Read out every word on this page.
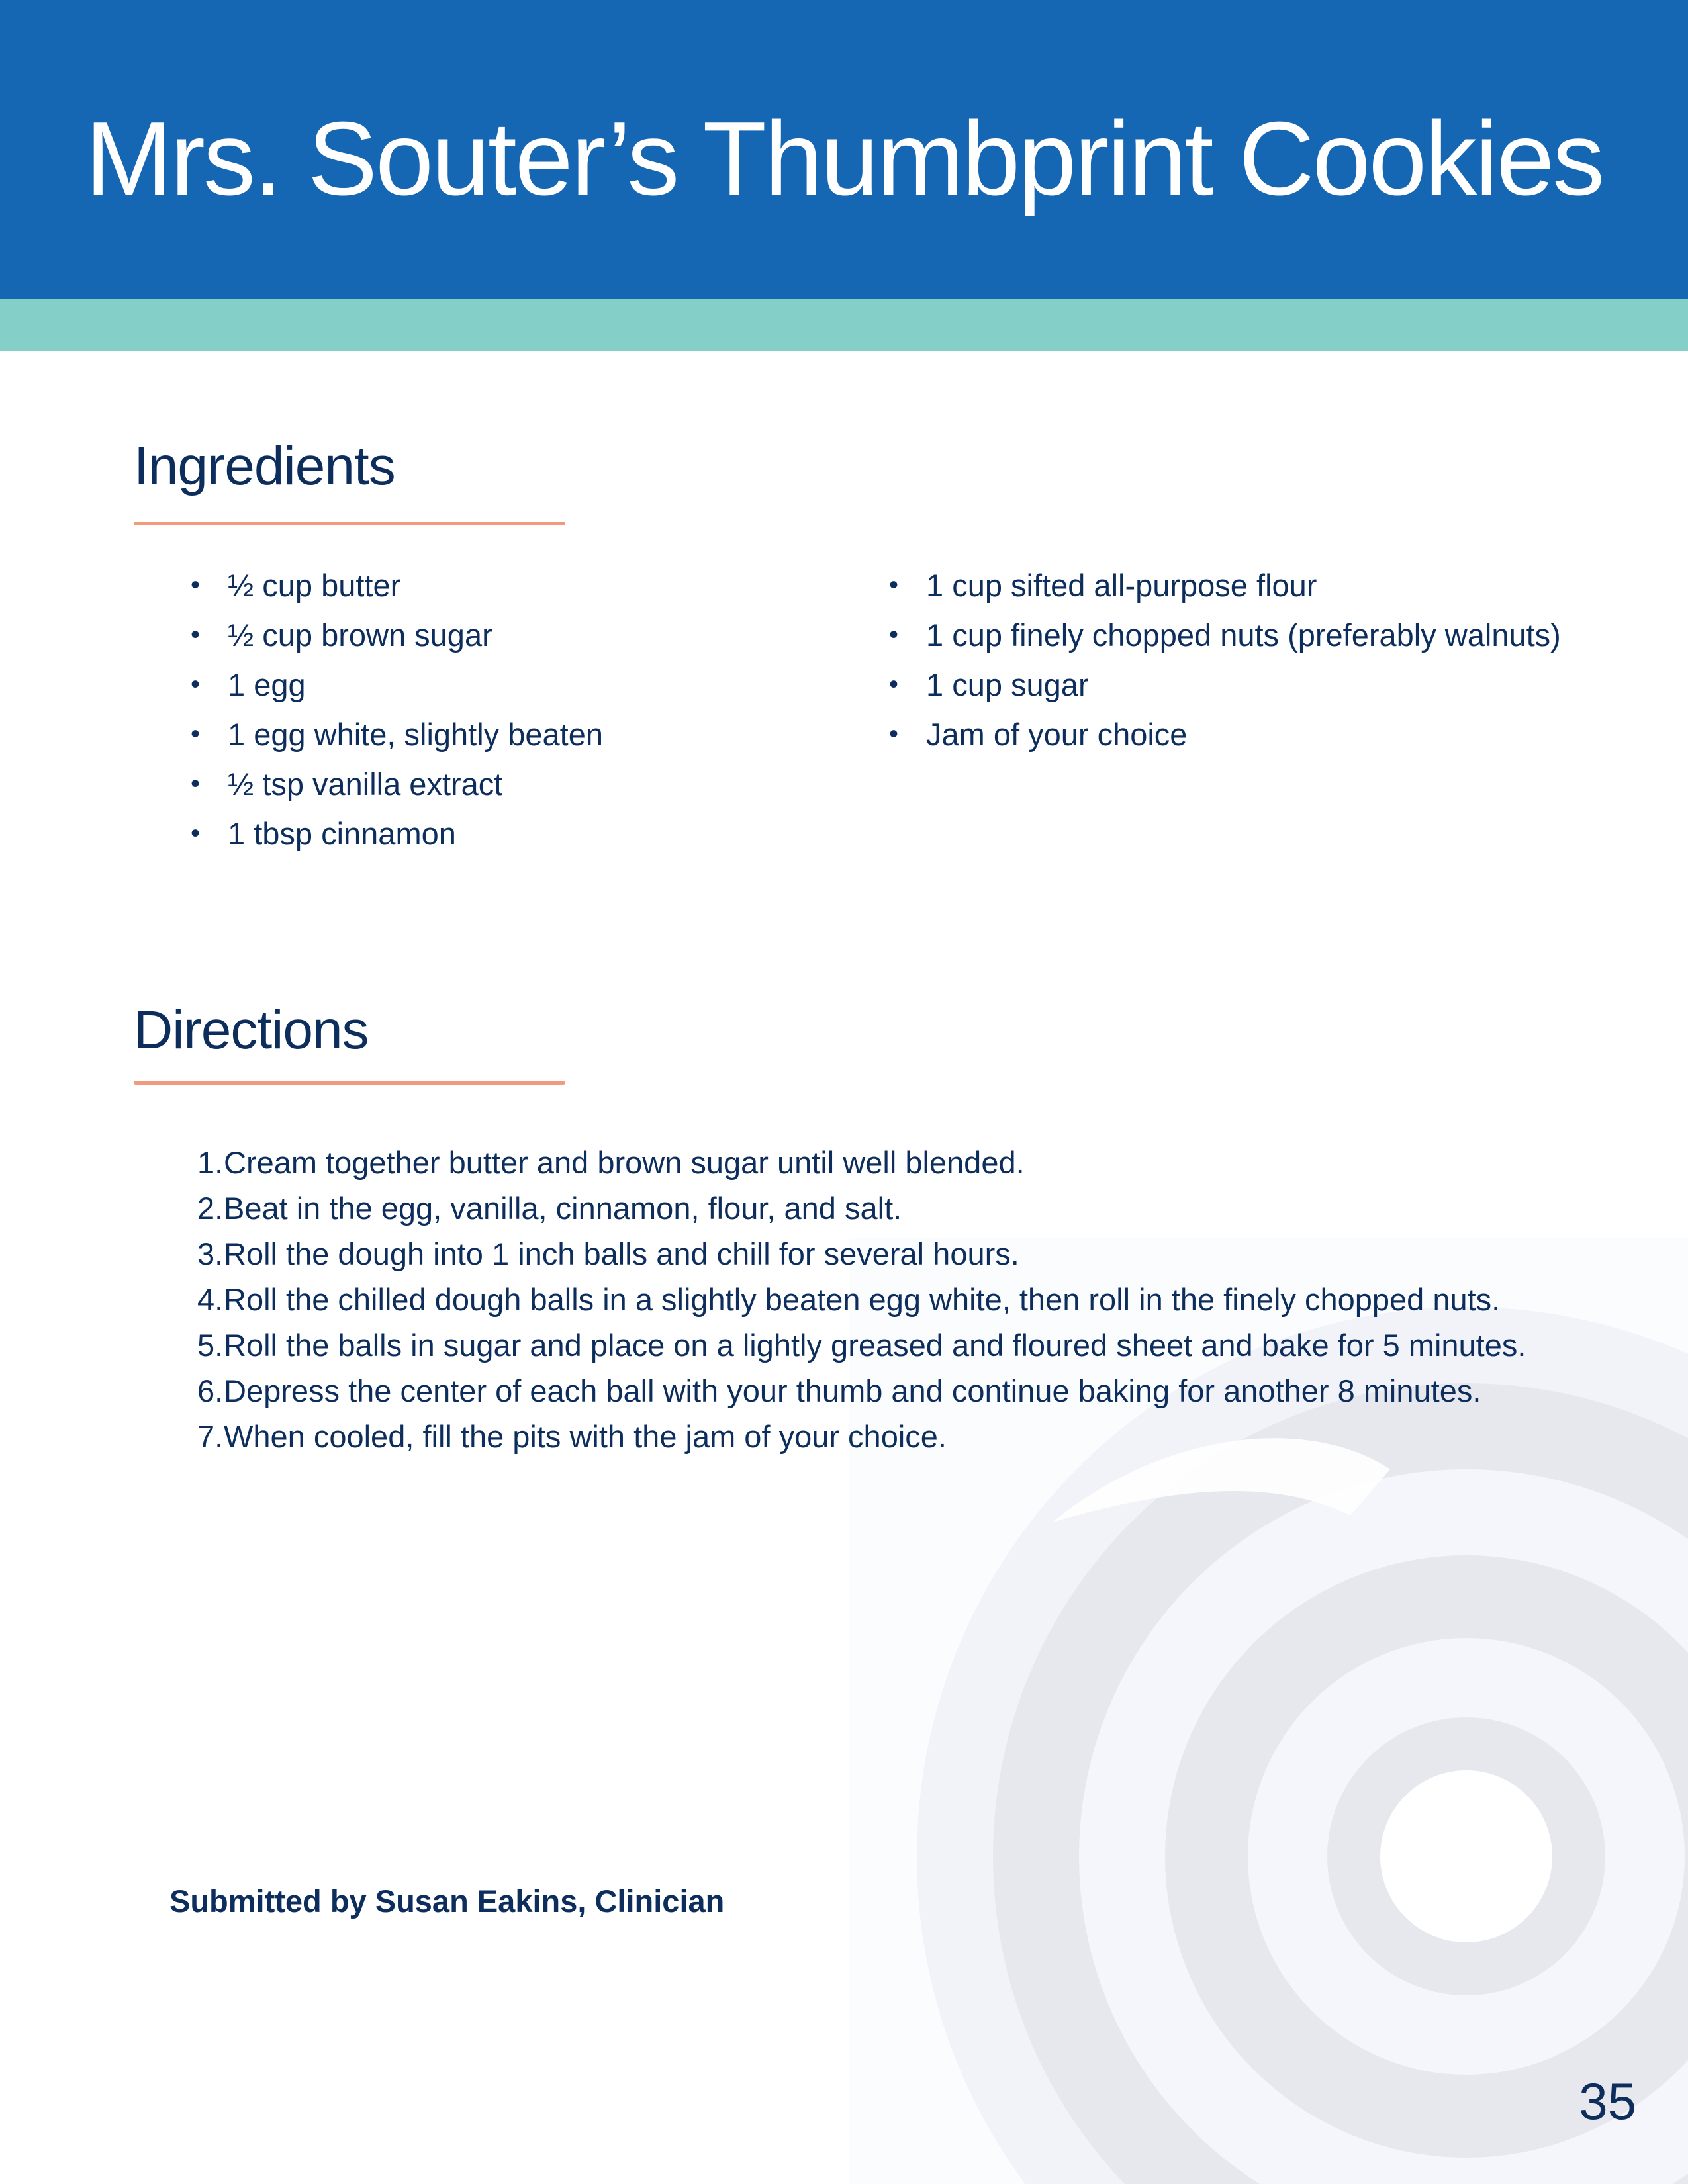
Mrs. Souter’s Thumbprint Cookies
Ingredients
• ½ cup butter
• ½ cup brown sugar
• 1 egg
• 1 egg white, slightly beaten
• ½ tsp vanilla extract
• 1 tbsp cinnamon
• 1 cup sifted all-purpose flour
• 1 cup finely chopped nuts (preferably walnuts)
• 1 cup sugar
• Jam of your choice
Directions
1. Cream together butter and brown sugar until well blended.
2. Beat in the egg, vanilla, cinnamon, flour, and salt.
3. Roll the dough into 1 inch balls and chill for several hours.
4. Roll the chilled dough balls in a slightly beaten egg white, then roll in the finely chopped nuts.
5. Roll the balls in sugar and place on a lightly greased and floured sheet and bake for 5 minutes.
6. Depress the center of each ball with your thumb and continue baking for another 8 minutes.
7. When cooled, fill the pits with the jam of your choice.
Submitted by Susan Eakins, Clinician
35
